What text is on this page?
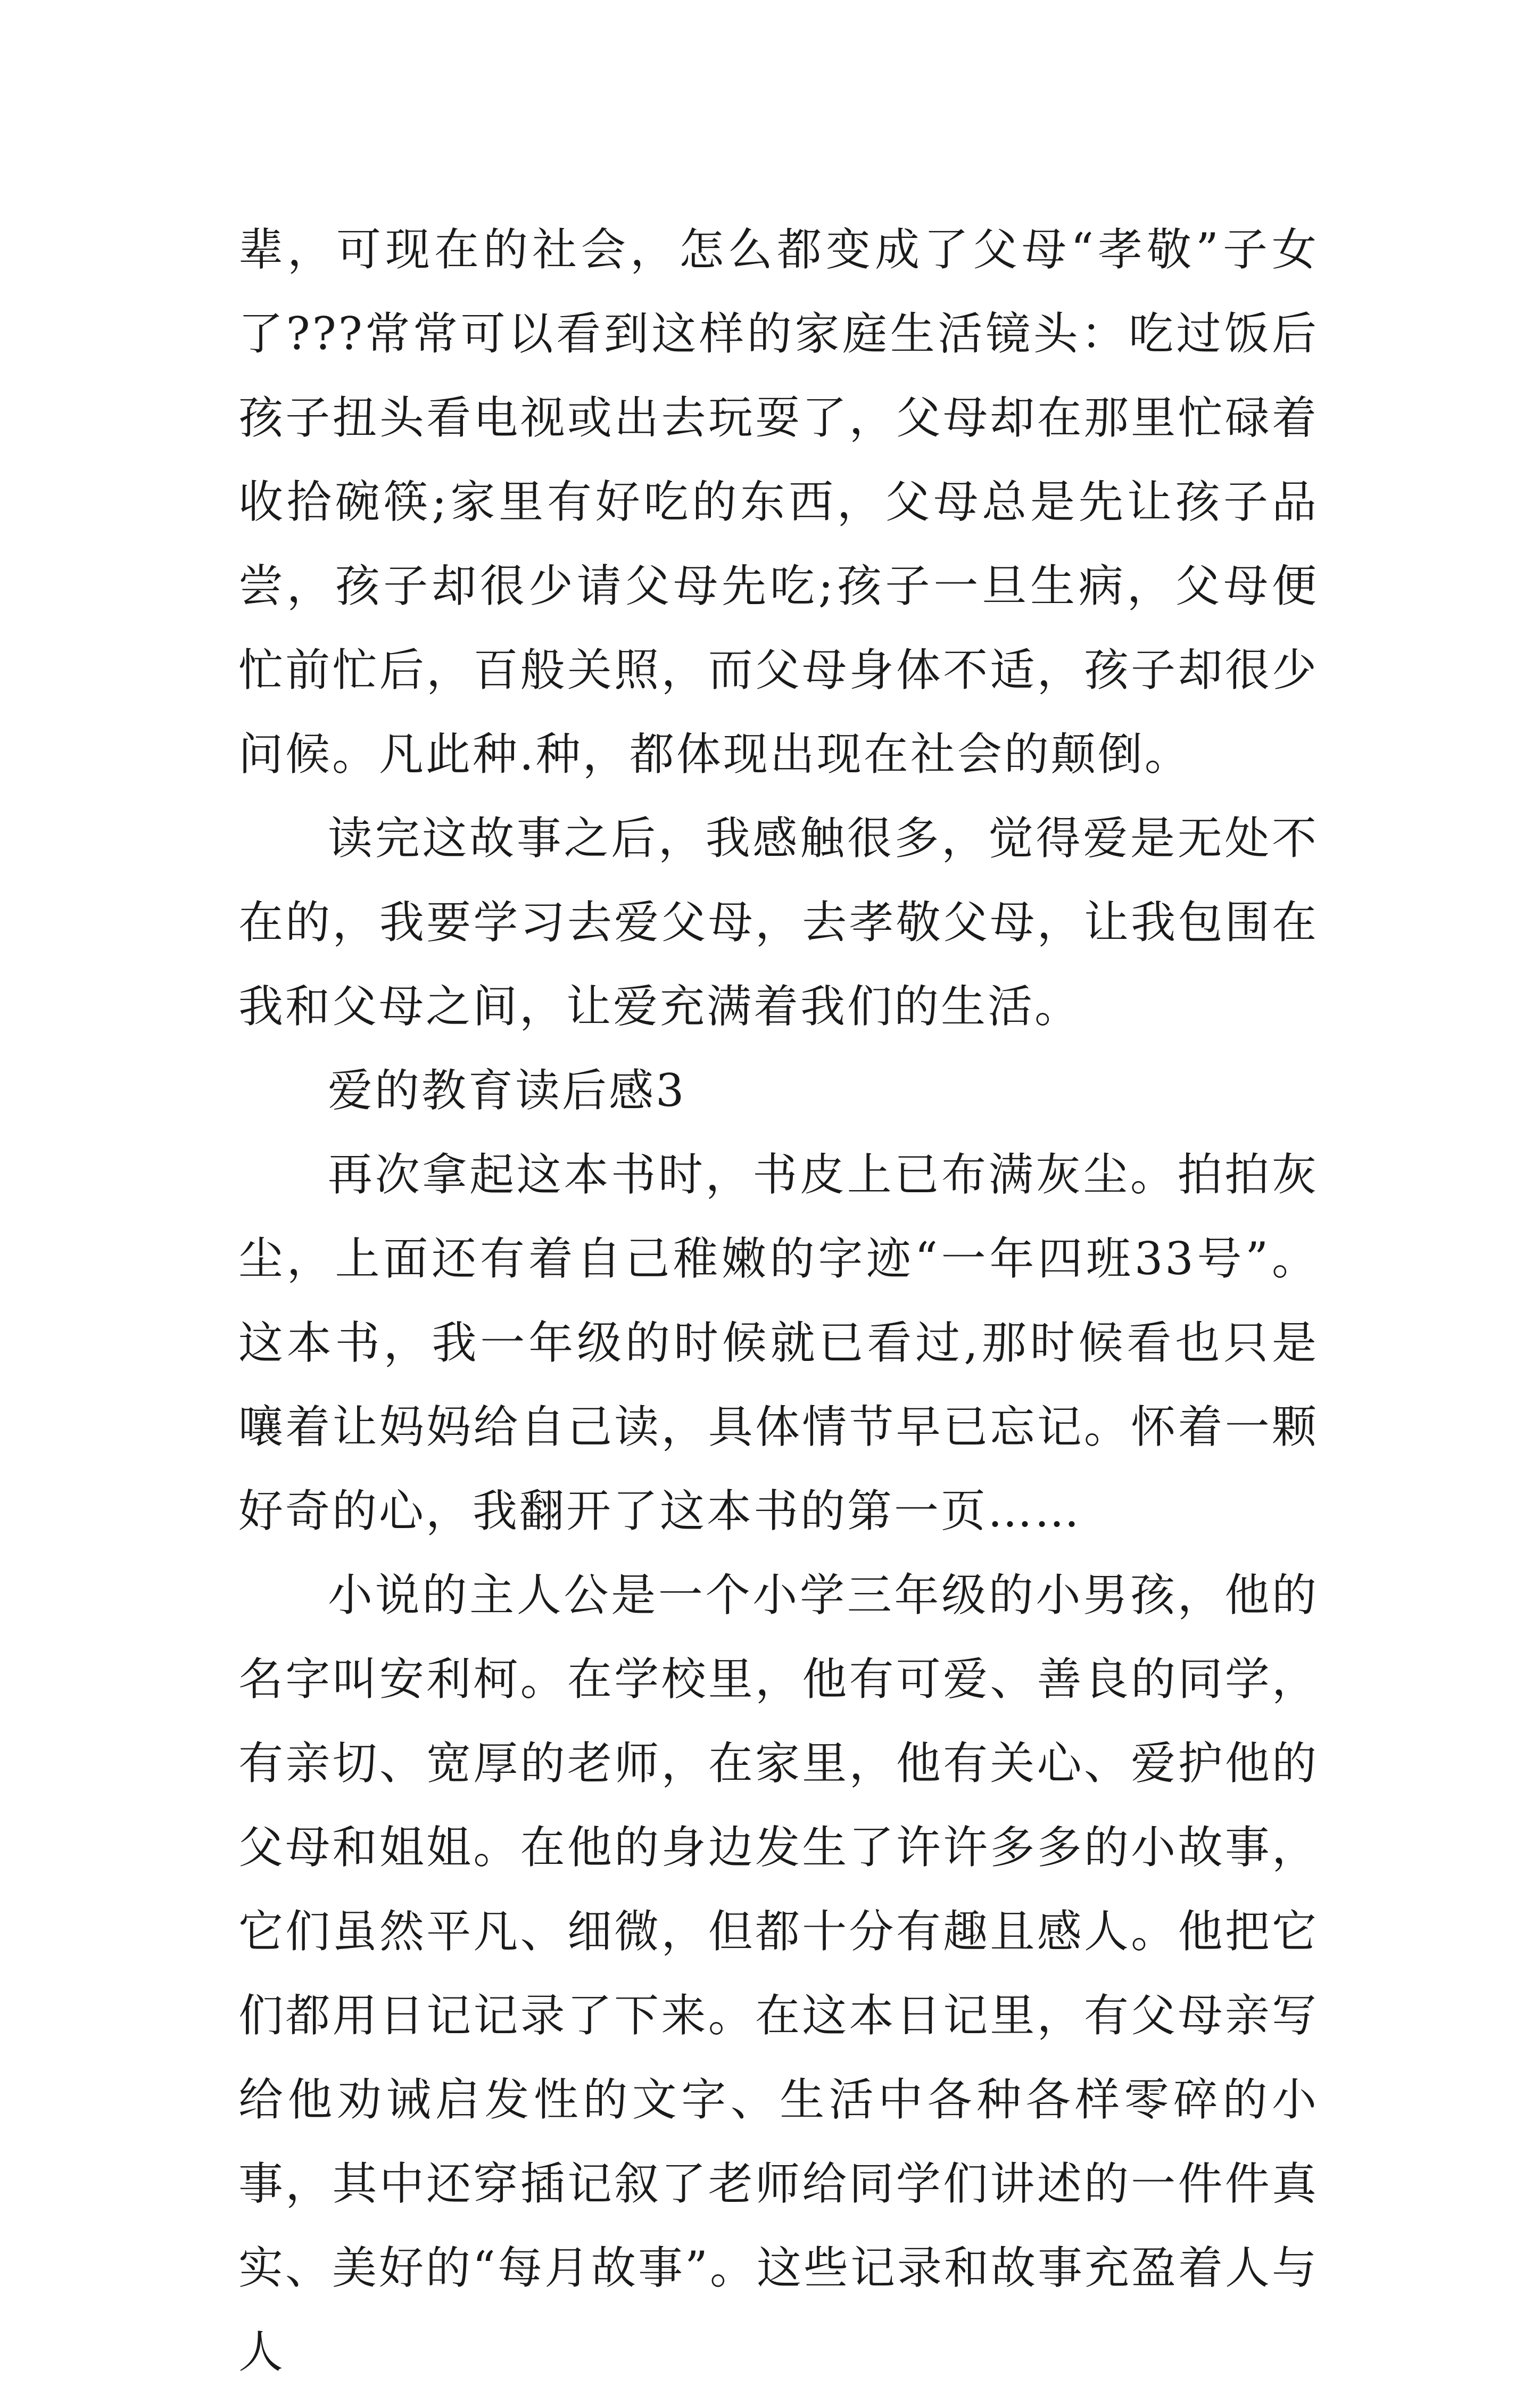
辈，可现在的社会，怎么都变成了父母“孝敬”子女了???常常可以看到这样的家庭生活镜头：吃过饭后孩子扭头看电视或出去玩耍了，父母却在那里忙碌着收拾碗筷;家里有好吃的东西，父母总是先让孩子品尝，孩子却很少请父母先吃;孩子一旦生病，父母便忙前忙后，百般关照，而父母身体不适，孩子却很少问候。凡此种.种，都体现出现在社会的颠倒。

读完这故事之后，我感触很多，觉得爱是无处不在的，我要学习去爱父母，去孝敬父母，让我包围在我和父母之间，让爱充满着我们的生活。

爱的教育读后感3

再次拿起这本书时，书皮上已布满灰尘。拍拍灰尘，上面还有着自己稚嫩的字迹“一年四班33号”。这本书，我一年级的时候就已看过,那时候看也只是嚷着让妈妈给自己读，具体情节早已忘记。怀着一颗好奇的心，我翻开了这本书的第一页……

小说的主人公是一个小学三年级的小男孩，他的名字叫安利柯。在学校里，他有可爱、善良的同学，有亲切、宽厚的老师，在家里，他有关心、爱护他的父母和姐姐。在他的身边发生了许许多多的小故事，它们虽然平凡、细微，但都十分有趣且感人。他把它们都用日记记录了下来。在这本日记里，有父母亲写给他劝诫启发性的文字、生活中各种各样零碎的小事，其中还穿插记叙了老师给同学们讲述的一件件真实、美好的“每月故事”。这些记录和故事充盈着人与人
